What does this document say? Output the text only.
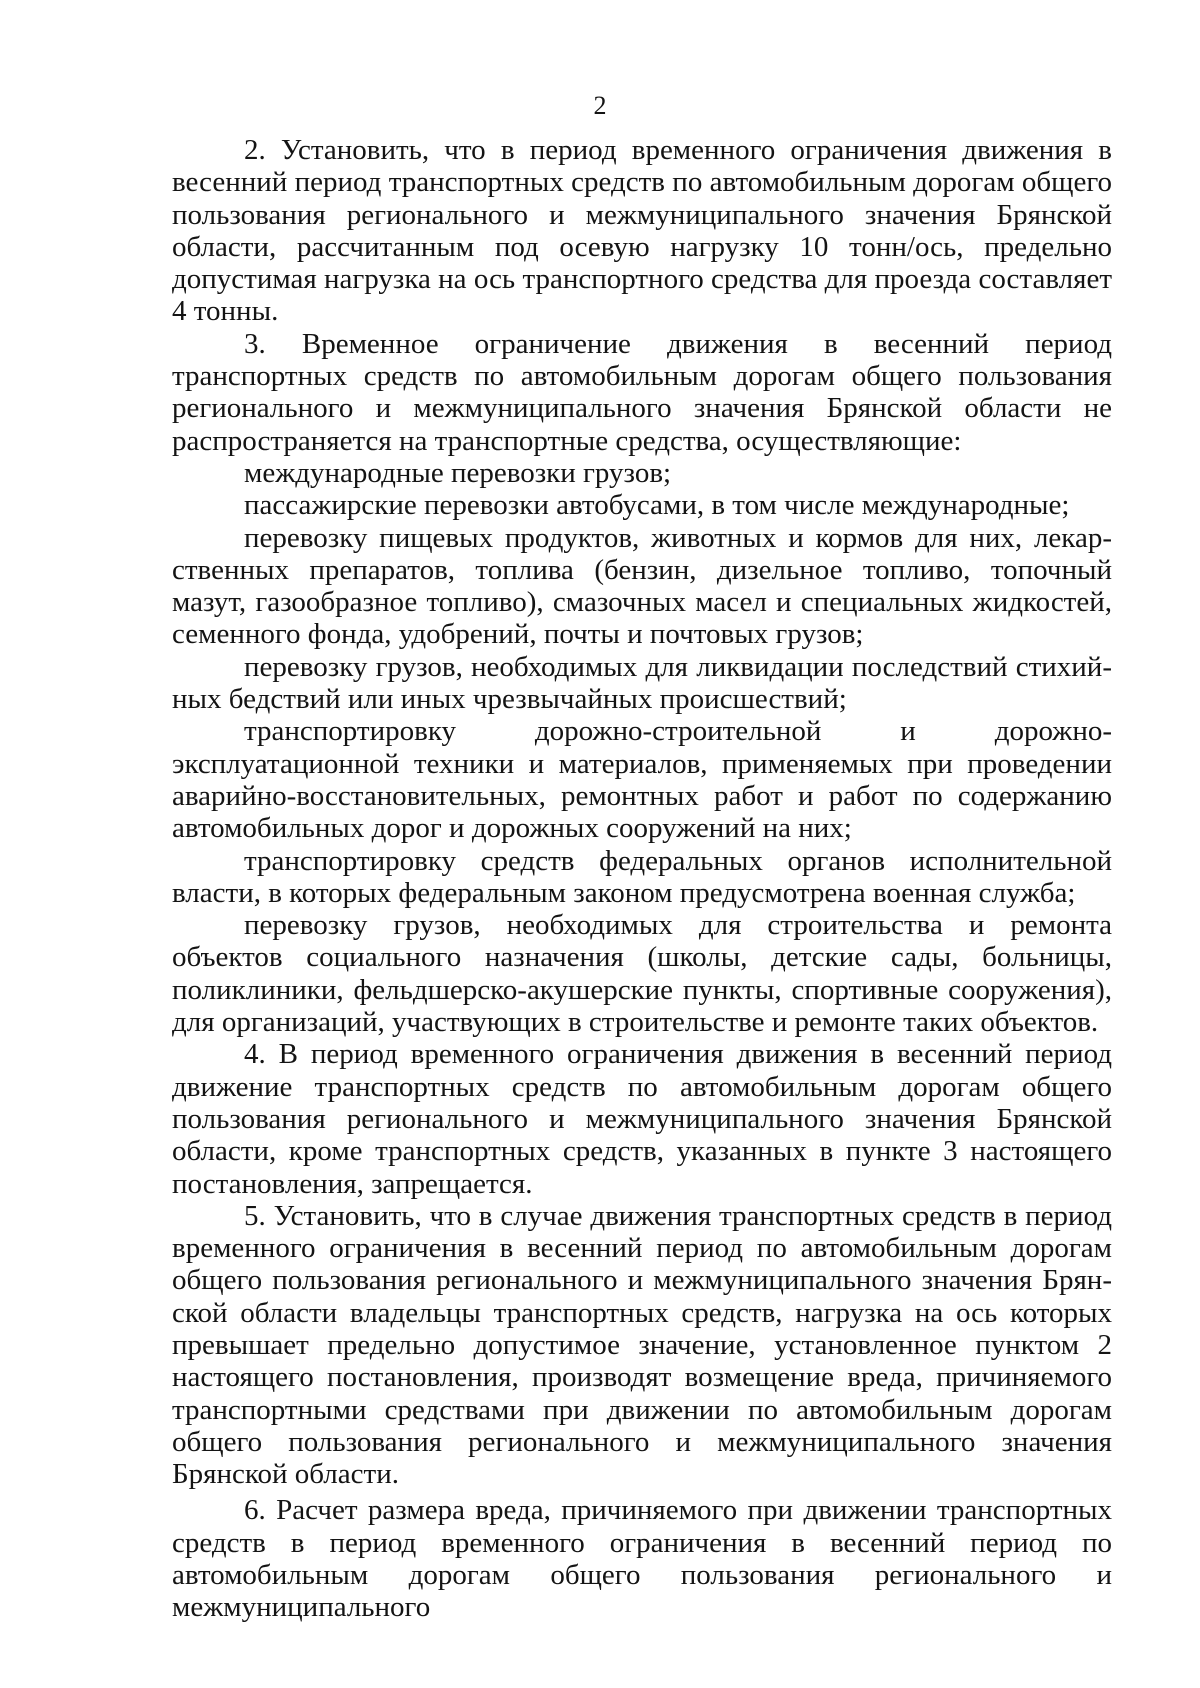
2

2. Установить, что в период временного ограничения движения в весенний период транспортных средств по автомобильным дорогам общего пользования регионального и межмуниципального значения Брянской области, рассчитанным под осевую нагрузку 10 тонн/ось, предельно допустимая нагрузка на ось транспортного средства для проезда составляет 4 тонны.

3. Временное ограничение движения в весенний период транспортных средств по автомобильным дорогам общего пользования регионального и межмуниципального значения Брянской области не распространяется на транспортные средства, осуществляющие:

международные перевозки грузов;

пассажирские перевозки автобусами, в том числе международные;

перевозку пищевых продуктов, животных и кормов для них, лекарственных препаратов, топлива (бензин, дизельное топливо, топочный мазут, газообразное топливо), смазочных масел и специальных жидкостей, семенного фонда, удобрений, почты и почтовых грузов;

перевозку грузов, необходимых для ликвидации последствий стихийных бедствий или иных чрезвычайных происшествий;

транспортировку дорожно-строительной и дорожно-эксплуатационной техники и материалов, применяемых при проведении аварийно-восстановительных, ремонтных работ и работ по содержанию автомобильных дорог и дорожных сооружений на них;

транспортировку средств федеральных органов исполнительной власти, в которых федеральным законом предусмотрена военная служба;

перевозку грузов, необходимых для строительства и ремонта объектов социального назначения (школы, детские сады, больницы, поликлиники, фельдшерско-акушерские пункты, спортивные сооружения), для организаций, участвующих в строительстве и ремонте таких объектов.

4. В период временного ограничения движения в весенний период движение транспортных средств по автомобильным дорогам общего пользования регионального и межмуниципального значения Брянской области, кроме транспортных средств, указанных в пункте 3 настоящего постановления, запрещается.

5. Установить, что в случае движения транспортных средств в период временного ограничения в весенний период по автомобильным дорогам общего пользования регионального и межмуниципального значения Брянской области владельцы транспортных средств, нагрузка на ось которых превышает предельно допустимое значение, установленное пунктом 2 настоящего постановления, производят возмещение вреда, причиняемого транспортными средствами при движении по автомобильным дорогам общего пользования регионального и межмуниципального значения Брянской области.

6. Расчет размера вреда, причиняемого при движении транспортных средств в период временного ограничения в весенний период по автомобильным дорогам общего пользования регионального и межмуниципального
